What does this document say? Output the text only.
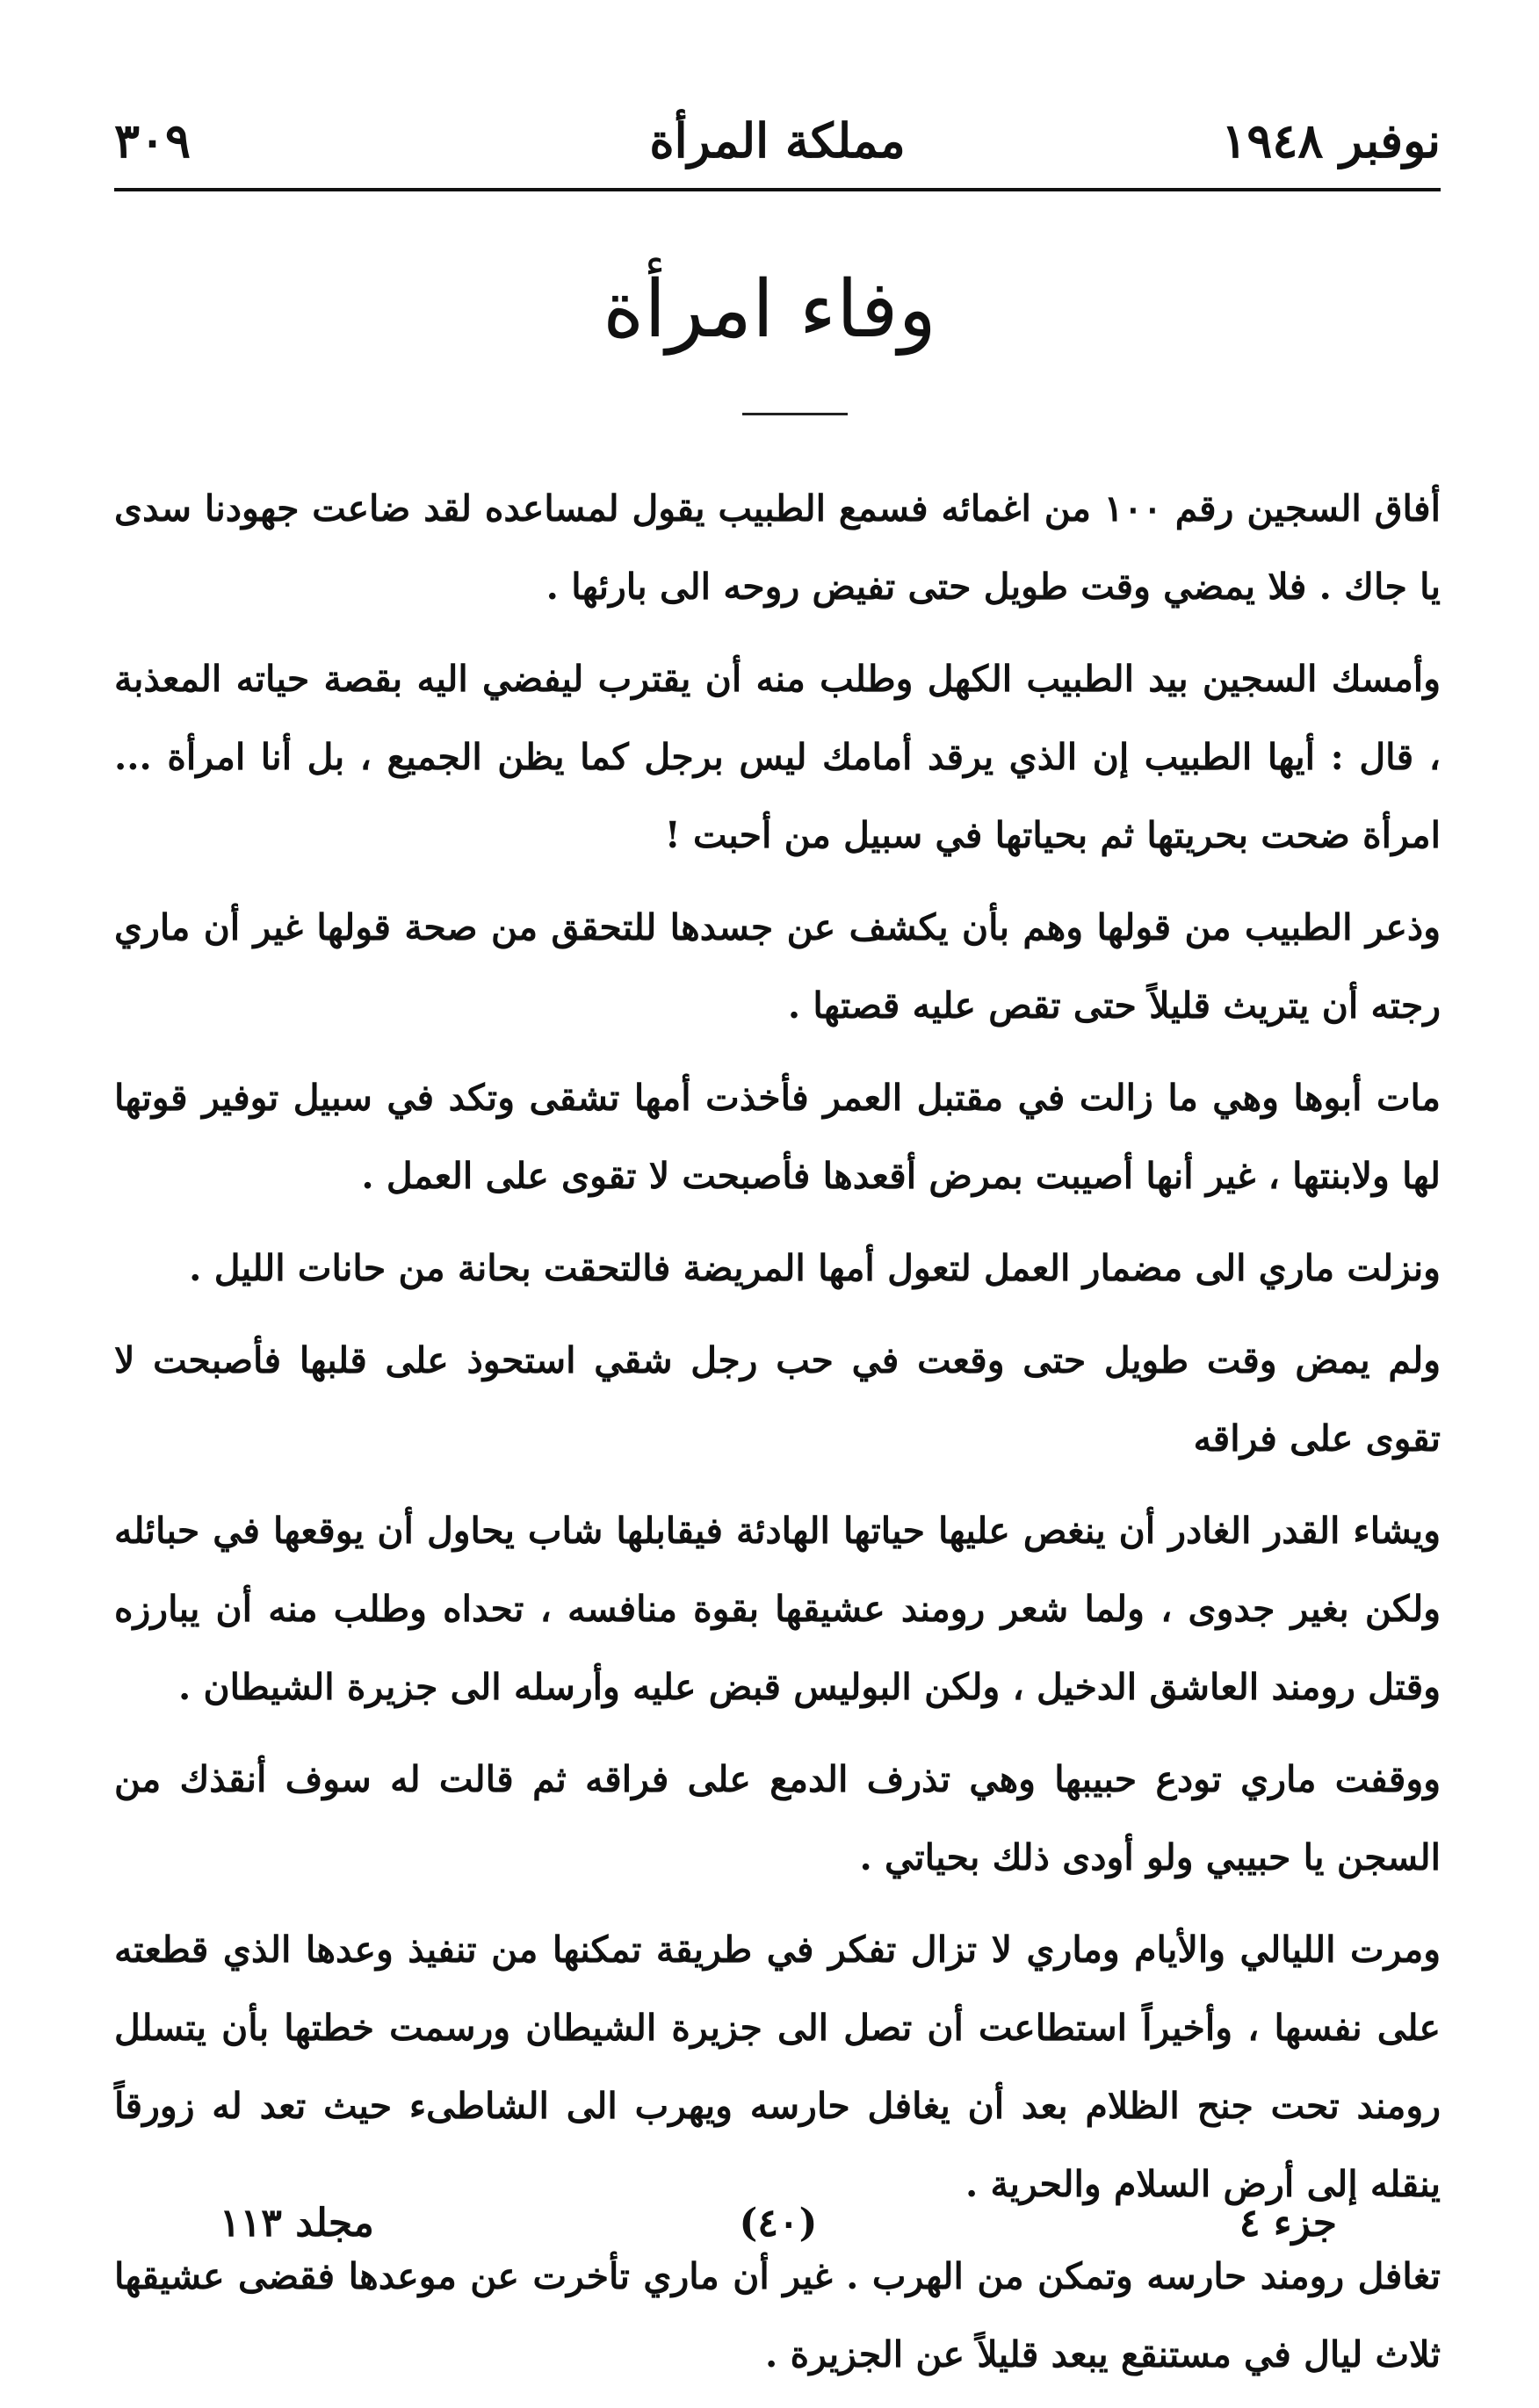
نوفبر ١٩٤٨
مملكة المرأة
٣٠٩
وفاء امرأة

أفاق السجين رقم ١٠٠ من اغمائه فسمع الطبيب يقول لمساعده لقد ضاعت جهودنا سدى يا جاك . فلا يمضي وقت طويل حتى تفيض روحه الى بارئها .

وأمسك السجين بيد الطبيب الكهل وطلب منه أن يقترب ليفضي اليه بقصة حياته المعذبة ، قال : أيها الطبيب إن الذي يرقد أمامك ليس برجل كما يظن الجميع ، بل أنا امرأة ... امرأة ضحت بحريتها ثم بحياتها في سبيل من أحبت !

وذعر الطبيب من قولها وهم بأن يكشف عن جسدها للتحقق من صحة قولها غير أن ماري رجته أن يتريث قليلاً حتى تقص عليه قصتها .

مات أبوها وهي ما زالت في مقتبل العمر فأخذت أمها تشقى وتكد في سبيل توفير قوتها لها ولابنتها ، غير أنها أصيبت بمرض أقعدها فأصبحت لا تقوى على العمل .

ونزلت ماري الى مضمار العمل لتعول أمها المريضة فالتحقت بحانة من حانات الليل .

ولم يمض وقت طويل حتى وقعت في حب رجل شقي استحوذ على قلبها فأصبحت لا تقوى على فراقه

ويشاء القدر الغادر أن ينغص عليها حياتها الهادئة فيقابلها شاب يحاول أن يوقعها في حبائله ولكن بغير جدوى ، ولما شعر رومند عشيقها بقوة منافسه ، تحداه وطلب منه أن يبارزه وقتل رومند العاشق الدخيل ، ولكن البوليس قبض عليه وأرسله الى جزيرة الشيطان .

ووقفت ماري تودع حبيبها وهي تذرف الدمع على فراقه ثم قالت له سوف أنقذك من السجن يا حبيبي ولو أودى ذلك بحياتي .

ومرت الليالي والأيام وماري لا تزال تفكر في طريقة تمكنها من تنفيذ وعدها الذي قطعته على نفسها ، وأخيراً استطاعت أن تصل الى جزيرة الشيطان ورسمت خطتها بأن يتسلل رومند تحت جنح الظلام بعد أن يغافل حارسه ويهرب الى الشاطىء حيث تعد له زورقاً ينقله إلى أرض السلام والحرية .

تغافل رومند حارسه وتمكن من الهرب . غير أن ماري تأخرت عن موعدها فقضى عشيقها ثلاث ليال في مستنقع يبعد قليلاً عن الجزيرة .

جزء ٤
(٤٠)
مجلد ١١٣
